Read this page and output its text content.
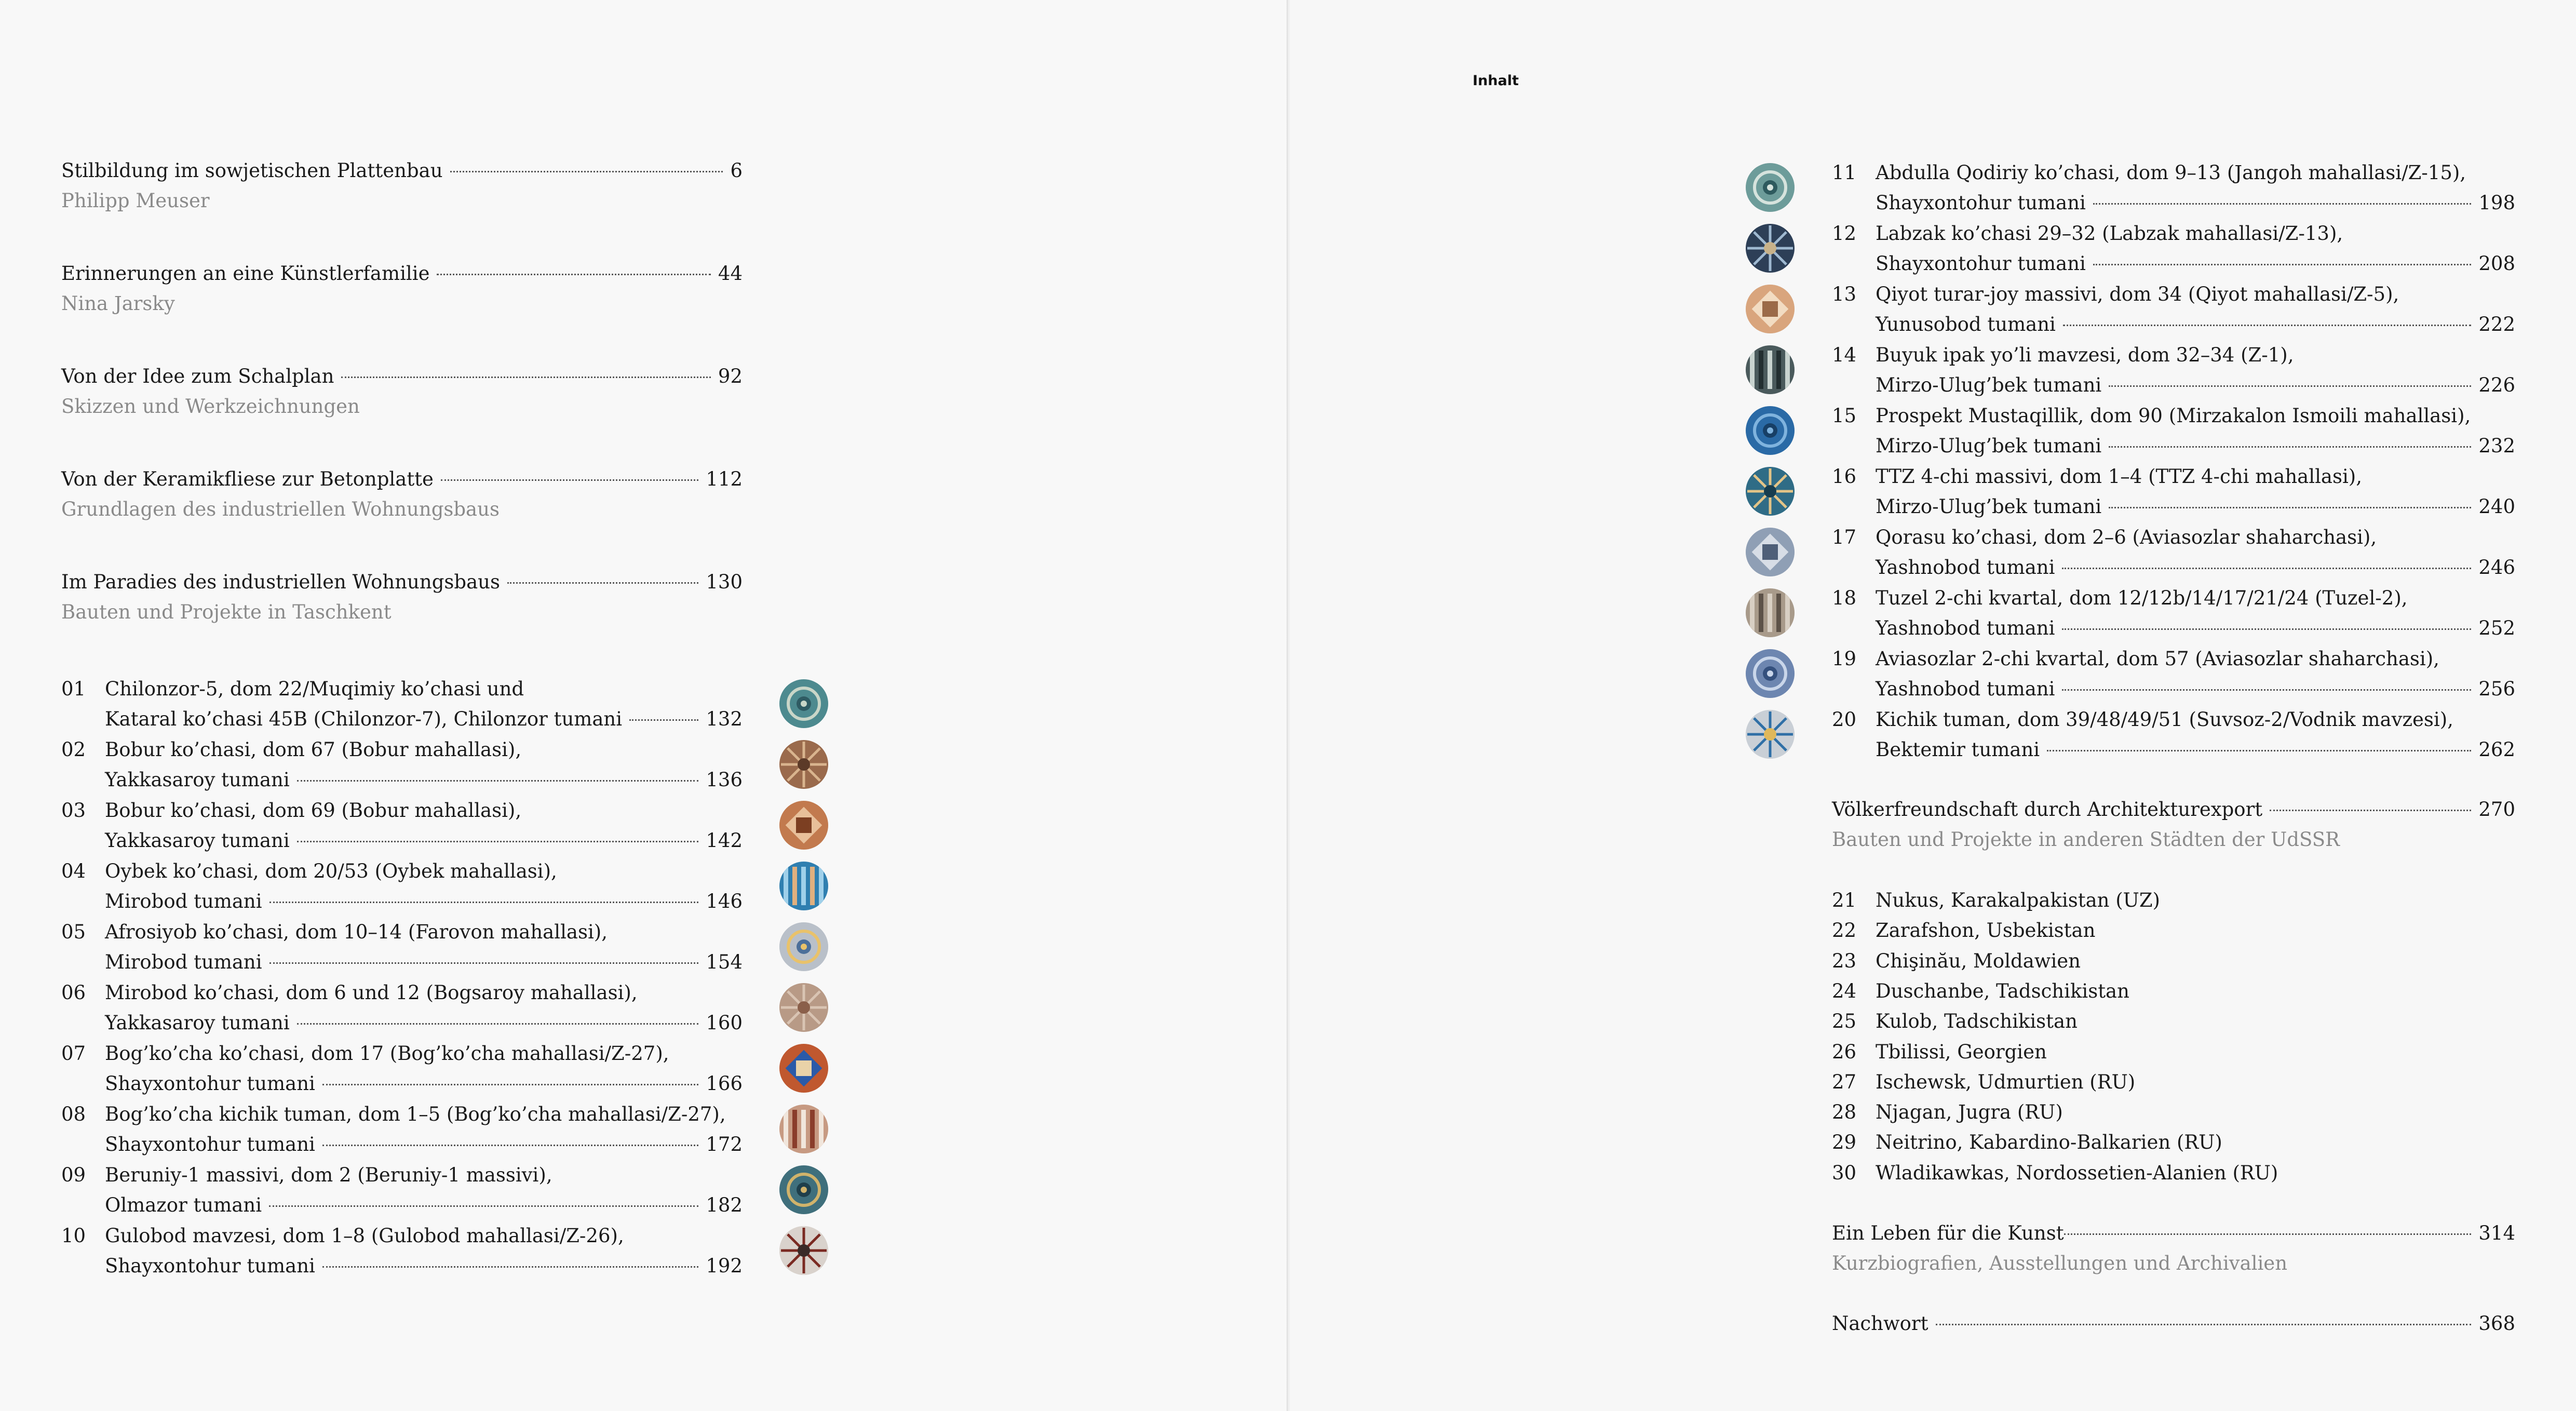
Inhalt
Stilbildung im sowjetischen Plattenbau	6
Philipp Meuser
Erinnerungen an eine Künstlerfamilie	44
Nina Jarsky
Von der Idee zum Schalplan	92
Skizzen und Werkzeichnungen
Von der Keramikfliese zur Betonplatte	112
Grundlagen des industriellen Wohnungsbaus
Im Paradies des industriellen Wohnungsbaus	130
Bauten und Projekte in Taschkent
01 Chilonzor-5, dom 22/Muqimiy ko’chasi und
Kataral ko’chasi 45B (Chilonzor-7), Chilonzor tumani	132
02 Bobur ko’chasi, dom 67 (Bobur mahallasi),
Yakkasaroy tumani	136
03 Bobur ko’chasi, dom 69 (Bobur mahallasi),
Yakkasaroy tumani	142
04 Oybek ko’chasi, dom 20/53 (Oybek mahallasi),
Mirobod tumani	146
05 Afrosiyob ko’chasi, dom 10–14 (Farovon mahallasi),
Mirobod tumani	154
06 Mirobod ko’chasi, dom 6 und 12 (Bogsaroy mahallasi),
Yakkasaroy tumani	160
07 Bog’ko’cha ko’chasi, dom 17 (Bog’ko’cha mahallasi/Z-27),
Shayxontohur tumani	166
08 Bog’ko’cha kichik tuman, dom 1–5 (Bog’ko’cha mahallasi/Z-27),
Shayxontohur tumani	172
09 Beruniy-1 massivi, dom 2 (Beruniy-1 massivi),
Olmazor tumani	182
10 Gulobod mavzesi, dom 1–8 (Gulobod mahallasi/Z-26),
Shayxontohur tumani	192
11 Abdulla Qodiriy ko’chasi, dom 9–13 (Jangoh mahallasi/Z-15),
Shayxontohur tumani	198
12 Labzak ko’chasi 29–32 (Labzak mahallasi/Z-13),
Shayxontohur tumani	208
13 Qiyot turar-joy massivi, dom 34 (Qiyot mahallasi/Z-5),
Yunusobod tumani	222
14 Buyuk ipak yo’li mavzesi, dom 32–34 (Z-1),
Mirzo-Ulug’bek tumani	226
15 Prospekt Mustaqillik, dom 90 (Mirzakalon Ismoili mahallasi),
Mirzo-Ulug’bek tumani	232
16 TTZ 4-chi massivi, dom 1–4 (TTZ 4-chi mahallasi),
Mirzo-Ulug’bek tumani	240
17 Qorasu ko’chasi, dom 2–6 (Aviasozlar shaharchasi),
Yashnobod tumani	246
18 Tuzel 2-chi kvartal, dom 12/12b/14/17/21/24 (Tuzel-2),
Yashnobod tumani	252
19 Aviasozlar 2-chi kvartal, dom 57 (Aviasozlar shaharchasi),
Yashnobod tumani	256
20 Kichik tuman, dom 39/48/49/51 (Suvsoz-2/Vodnik mavzesi),
Bektemir tumani	262
Völkerfreundschaft durch Architekturexport	270
Bauten und Projekte in anderen Städten der UdSSR
21 Nukus, Karakalpakistan (UZ)
22 Zarafshon, Usbekistan
23 Chişinău, Moldawien
24 Duschanbe, Tadschikistan
25 Kulob, Tadschikistan
26 Tbilissi, Georgien
27 Ischewsk, Udmurtien (RU)
28 Njagan, Jugra (RU)
29 Neitrino, Kabardino-Balkarien (RU)
30 Wladikawkas, Nordossetien-Alanien (RU)
Ein Leben für die Kunst	314
Kurzbiografien, Ausstellungen und Archivalien
Nachwort	368
